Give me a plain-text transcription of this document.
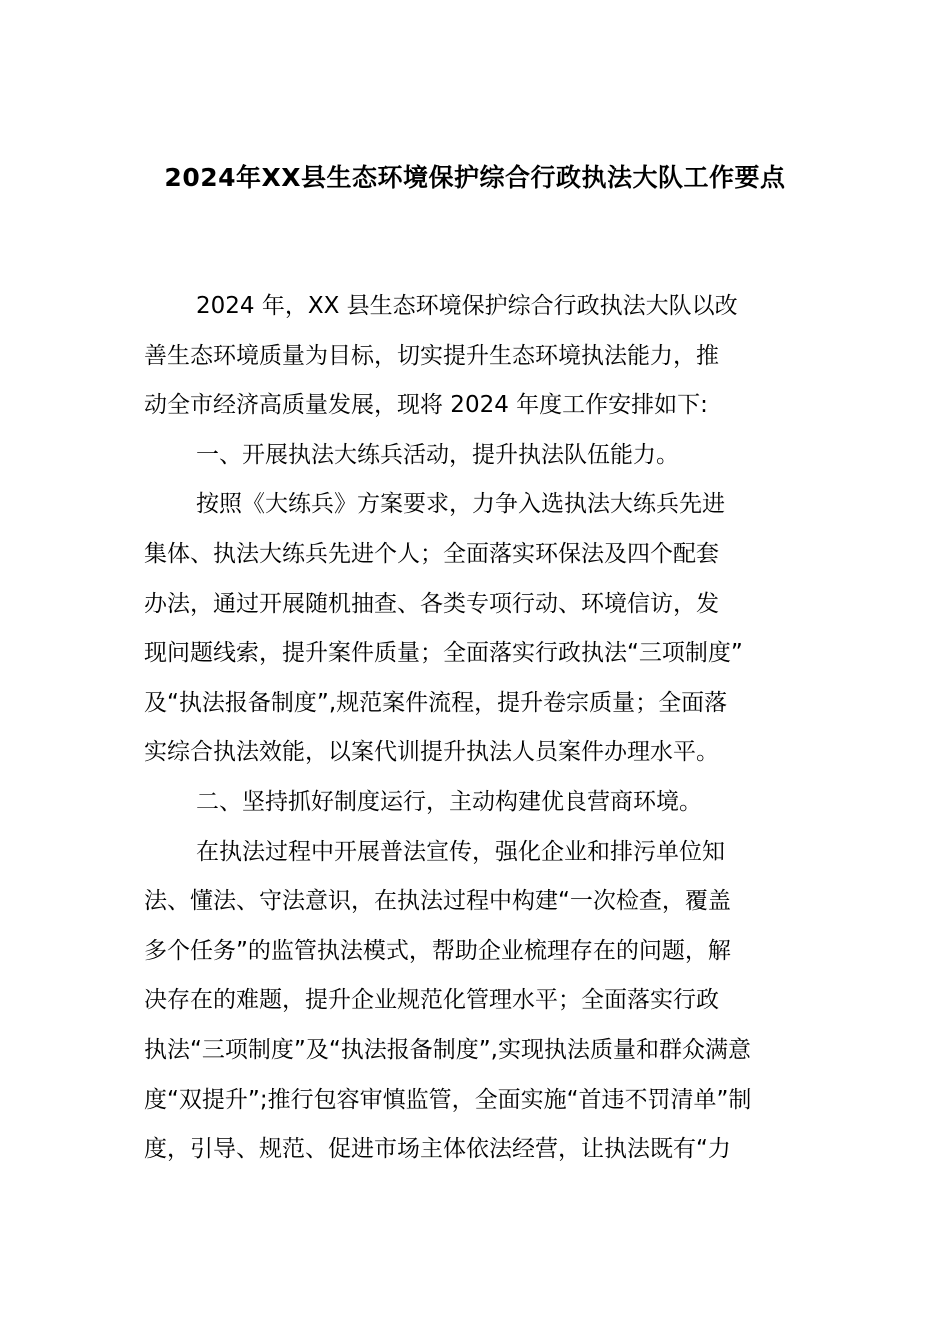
2024年XX县生态环境保护综合行政执法大队工作要点
2024 年，XX 县生态环境保护综合行政执法大队以改
善生态环境质量为目标，切实提升生态环境执法能力，推
动全市经济高质量发展，现将 2024 年度工作安排如下:
一、开展执法大练兵活动，提升执法队伍能力。
按照《大练兵》方案要求，力争入选执法大练兵先进
集体、执法大练兵先进个人；全面落实环保法及四个配套
办法，通过开展随机抽查、各类专项行动、环境信访，发
现问题线索，提升案件质量；全面落实行政执法“三项制度”
及“执法报备制度”,规范案件流程，提升卷宗质量；全面落
实综合执法效能，以案代训提升执法人员案件办理水平。
二、坚持抓好制度运行，主动构建优良营商环境。
在执法过程中开展普法宣传，强化企业和排污单位知
法、懂法、守法意识，在执法过程中构建“一次检查，覆盖
多个任务”的监管执法模式，帮助企业梳理存在的问题，解
决存在的难题，提升企业规范化管理水平；全面落实行政
执法“三项制度”及“执法报备制度”,实现执法质量和群众满意
度“双提升”;推行包容审慎监管，全面实施“首违不罚清单”制
度，引导、规范、促进市场主体依法经营，让执法既有“力
